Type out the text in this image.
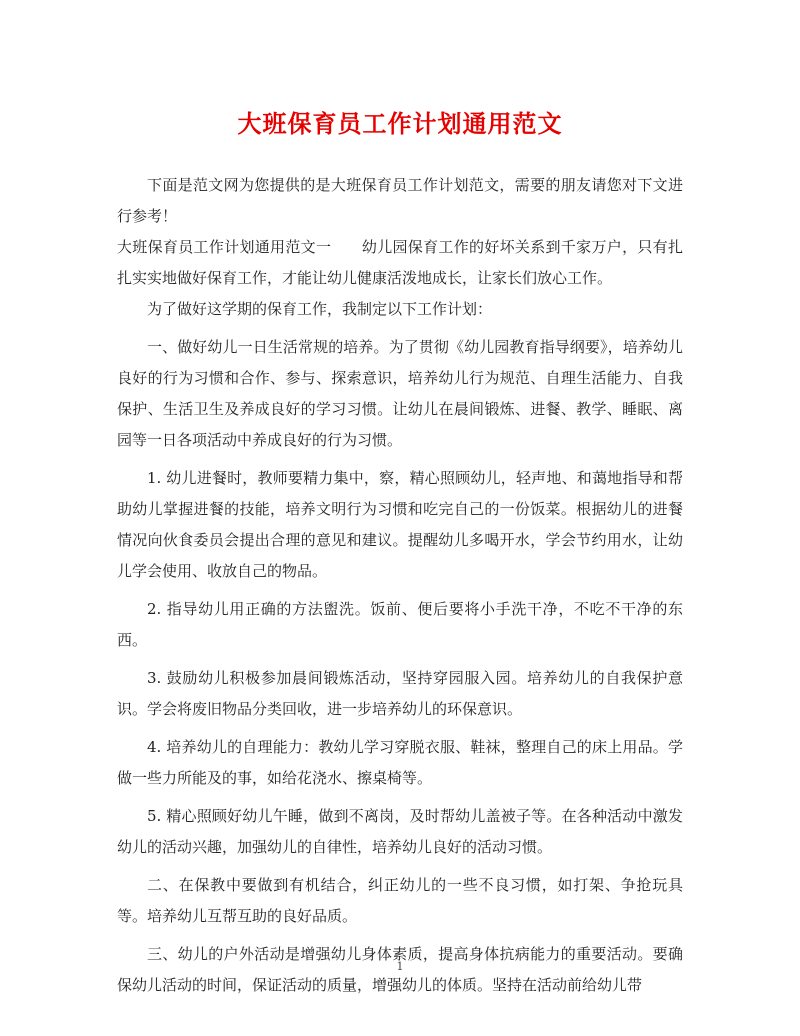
大班保育员工作计划通用范文

下面是范文网为您提供的是大班保育员工作计划范文，需要的朋友请您对下文进行参考！

大班保育员工作计划通用范文一　　幼儿园保育工作的好坏关系到千家万户，只有扎扎实实地做好保育工作，才能让幼儿健康活泼地成长，让家长们放心工作。

为了做好这学期的保育工作，我制定以下工作计划：

一、做好幼儿一日生活常规的培养。为了贯彻《幼儿园教育指导纲要》，培养幼儿良好的行为习惯和合作、参与、探索意识，培养幼儿行为规范、自理生活能力、自我保护、生活卫生及养成良好的学习习惯。让幼儿在晨间锻炼、进餐、教学、睡眠、离园等一日各项活动中养成良好的行为习惯。

1. 幼儿进餐时，教师要精力集中，察，精心照顾幼儿，轻声地、和蔼地指导和帮助幼儿掌握进餐的技能，培养文明行为习惯和吃完自己的一份饭菜。根据幼儿的进餐情况向伙食委员会提出合理的意见和建议。提醒幼儿多喝开水，学会节约用水，让幼儿学会使用、收放自己的物品。

2. 指导幼儿用正确的方法盥洗。饭前、便后要将小手洗干净，不吃不干净的东西。

3. 鼓励幼儿积极参加晨间锻炼活动，坚持穿园服入园。培养幼儿的自我保护意识。学会将废旧物品分类回收，进一步培养幼儿的环保意识。

4. 培养幼儿的自理能力：教幼儿学习穿脱衣服、鞋袜，整理自己的床上用品。学做一些力所能及的事，如给花浇水、擦桌椅等。

5. 精心照顾好幼儿午睡，做到不离岗，及时帮幼儿盖被子等。在各种活动中激发幼儿的活动兴趣，加强幼儿的自律性，培养幼儿良好的活动习惯。

二、在保教中要做到有机结合，纠正幼儿的一些不良习惯，如打架、争抢玩具等。培养幼儿互帮互助的良好品质。

三、幼儿的户外活动是增强幼儿身体素质，提高身体抗病能力的重要活动。要确保幼儿活动的时间，保证活动的质量，增强幼儿的体质。坚持在活动前给幼儿带

1
